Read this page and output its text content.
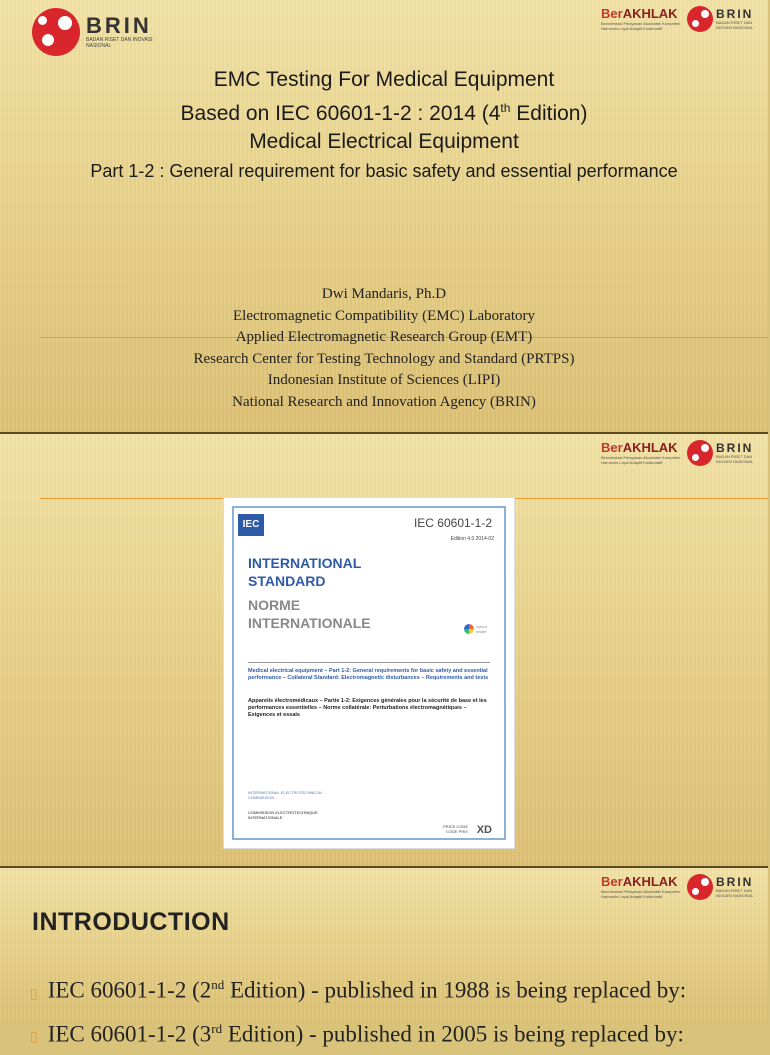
BRIN
BADAN RISET DAN INOVASI NASIONAL
BerAKHLAK
Berorientasi Pelayanan Akuntabel Kompeten Harmonis Loyal Adaptif Kolaboratif
BRIN
BADAN RISET DAN INOVASI NASIONAL
EMC Testing For Medical Equipment
Based on IEC 60601-1-2 : 2014 (4th Edition)
Medical Electrical Equipment
Part 1-2 : General requirement for basic safety and essential performance
Dwi Mandaris, Ph.D
Electromagnetic Compatibility (EMC) Laboratory
Applied Electromagnetic Research Group (EMT)
Research Center for Testing Technology and Standard (PRTPS)
Indonesian Institute of Sciences (LIPI)
National Research and Innovation Agency (BRIN)
BerAKHLAK
Berorientasi Pelayanan Akuntabel Kompeten Harmonis Loyal Adaptif Kolaboratif
BRIN
BADAN RISET DAN INOVASI NASIONAL
IEC	IEC 60601-1-2
Edition 4.0 2014-02
INTERNATIONAL
STANDARD
NORME
INTERNATIONALE	colour inside
Medical electrical equipment – Part 1-2: General requirements for basic safety and essential performance – Collateral Standard: Electromagnetic disturbances – Requirements and tests
Appareils électromédicaux – Partie 1-2: Exigences générales pour la sécurité de base et les performances essentielles – Norme collatérale: Perturbations électromagnétiques – Exigences et essais
INTERNATIONAL ELECTROTECHNICAL COMMISSION
COMMISSION ELECTROTECHNIQUE INTERNATIONALE
PRICE CODE CODE PRIX XD
BerAKHLAK
Berorientasi Pelayanan Akuntabel Kompeten Harmonis Loyal Adaptif Kolaboratif
BRIN
BADAN RISET DAN INOVASI NASIONAL
INTRODUCTION
▯ IEC 60601-1-2 (2nd Edition) - published in 1988 is being replaced by:
▯ IEC 60601-1-2 (3rd Edition) - published in 2005 is being replaced by:
